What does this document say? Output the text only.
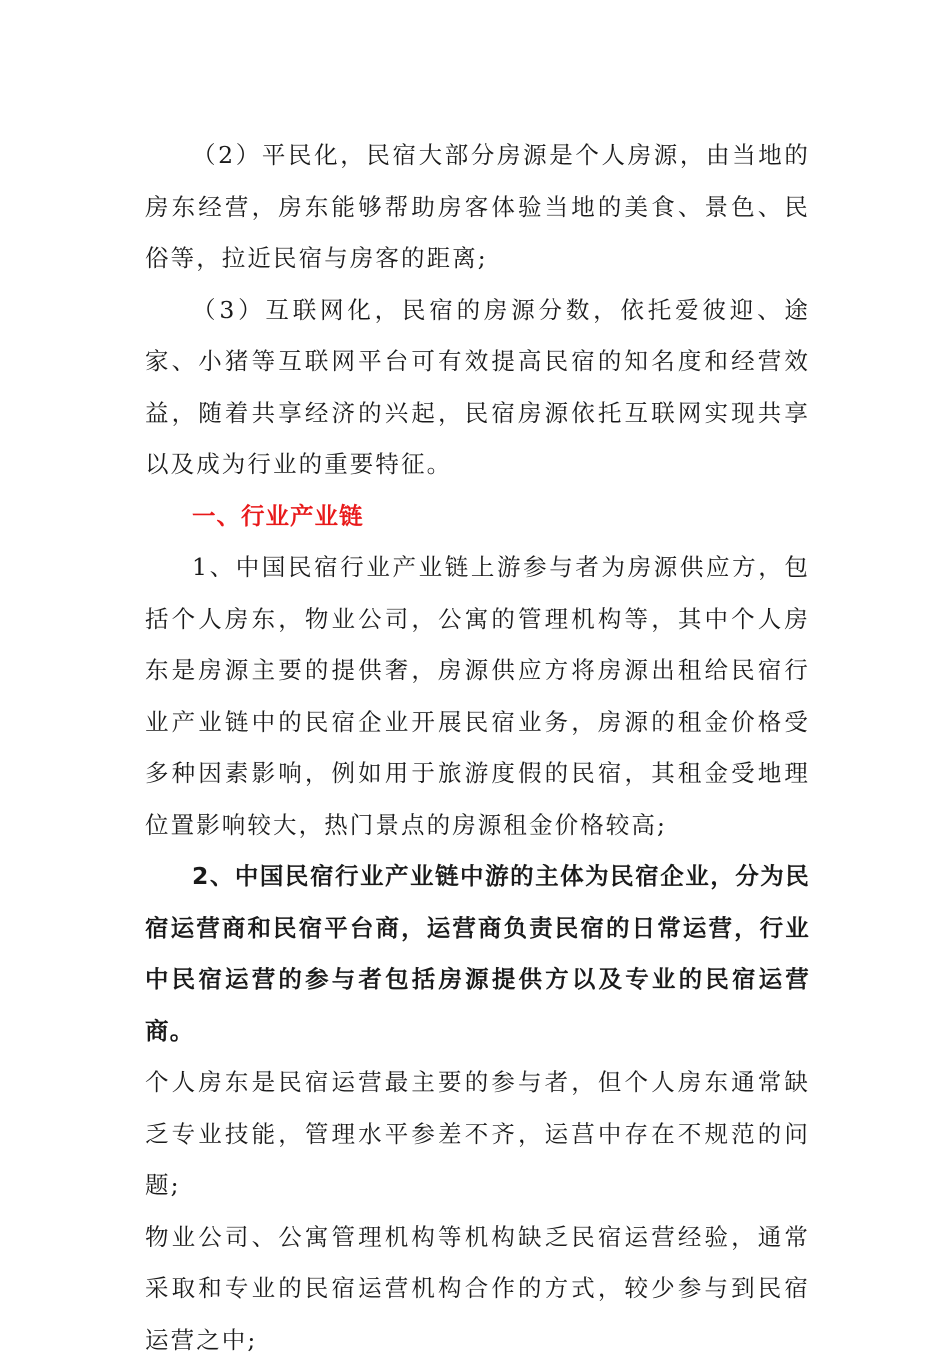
（2）平民化，民宿大部分房源是个人房源，由当地的房东经营，房东能够帮助房客体验当地的美食、景色、民俗等，拉近民宿与房客的距离;

（3）互联网化，民宿的房源分数，依托爱彼迎、途家、小猪等互联网平台可有效提高民宿的知名度和经营效益，随着共享经济的兴起，民宿房源依托互联网实现共享以及成为行业的重要特征。

一、行业产业链

1、中国民宿行业产业链上游参与者为房源供应方，包括个人房东，物业公司，公寓的管理机构等，其中个人房东是房源主要的提供奢，房源供应方将房源出租给民宿行业产业链中的民宿企业开展民宿业务，房源的租金价格受多种因素影响，例如用于旅游度假的民宿，其租金受地理位置影响较大，热门景点的房源租金价格较高;

2、中国民宿行业产业链中游的主体为民宿企业，分为民宿运营商和民宿平台商，运营商负责民宿的日常运营，行业中民宿运营的参与者包括房源提供方以及专业的民宿运营商。

个人房东是民宿运营最主要的参与者，但个人房东通常缺乏专业技能，管理水平参差不齐，运莒中存在不规范的问题;

物业公司、公寓管理机构等机构缺乏民宿运营经验，通常采取和专业的民宿运营机构合作的方式，较少参与到民宿运营之中;
